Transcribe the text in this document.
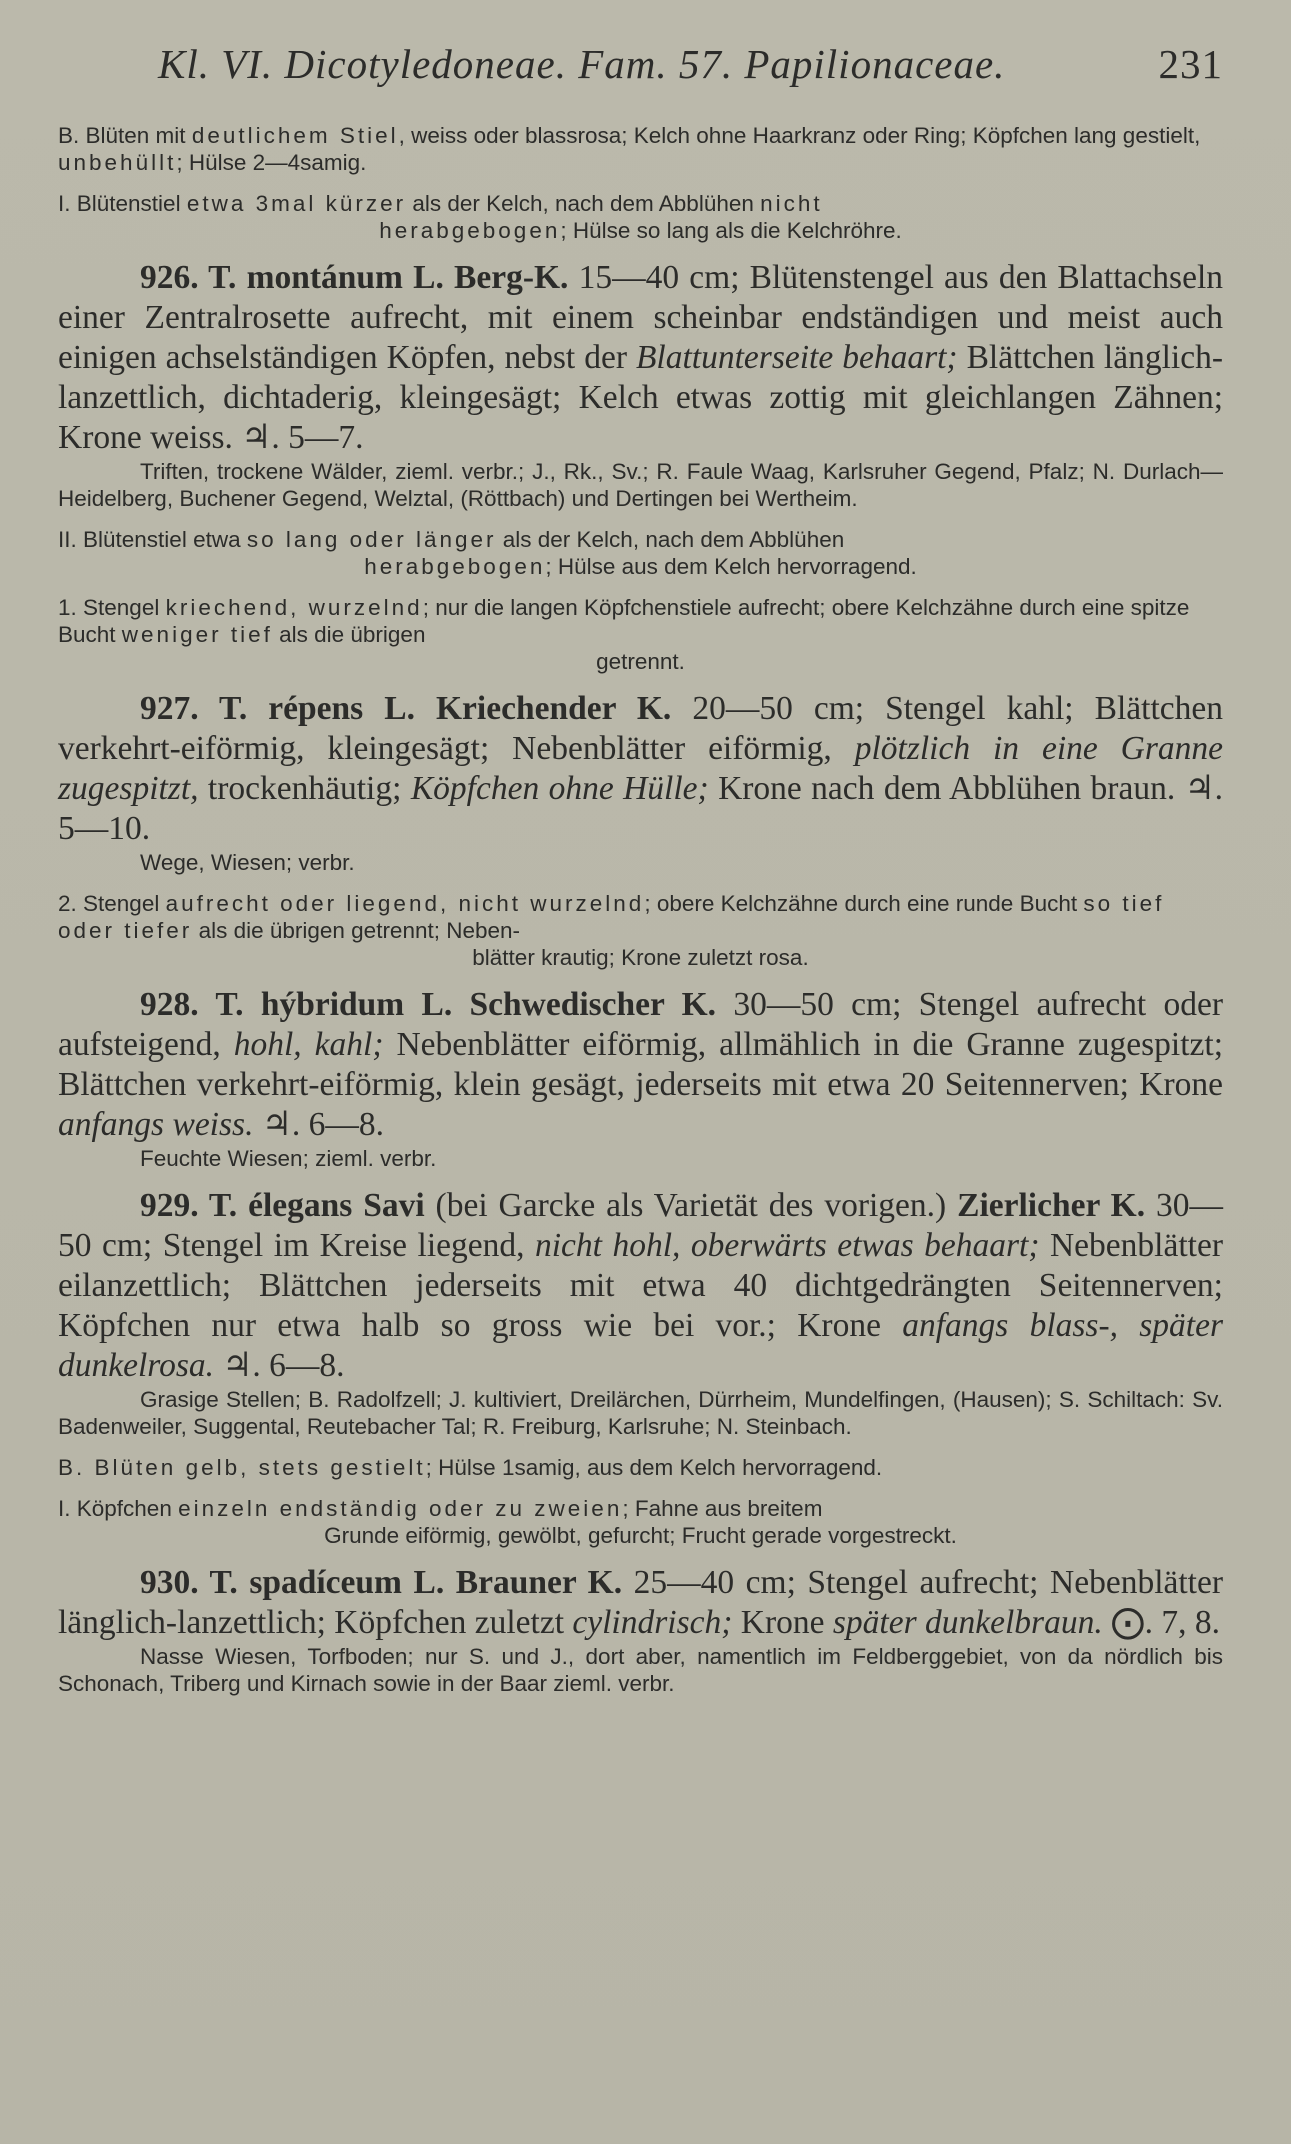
Kl. VI. Dicotyledoneae. Fam. 57. Papilionaceae.	231

B. Blüten mit deutlichem Stiel, weiss oder blassrosa; Kelch ohne Haarkranz oder Ring; Köpfchen lang gestielt, unbehüllt; Hülse 2—4samig.

I. Blütenstiel etwa 3mal kürzer als der Kelch, nach dem Abblühen nicht
herabgebogen; Hülse so lang als die Kelchröhre.

926. T. montánum L. Berg-K. 15—40 cm; Blütenstengel aus den Blattachseln einer Zentralrosette aufrecht, mit einem scheinbar endständigen und meist auch einigen achselständigen Köpfen, nebst der Blattunterseite behaart; Blättchen länglich-lanzettlich, dichtaderig, kleingesägt; Kelch etwas zottig mit gleichlangen Zähnen; Krone weiss. ♃. 5—7.

Triften, trockene Wälder, zieml. verbr.; J., Rk., Sv.; R. Faule Waag, Karlsruher Gegend, Pfalz; N. Durlach—Heidelberg, Buchener Gegend, Welztal, (Röttbach) und Dertingen bei Wertheim.

II. Blütenstiel etwa so lang oder länger als der Kelch, nach dem Abblühen
herabgebogen; Hülse aus dem Kelch hervorragend.

1. Stengel kriechend, wurzelnd; nur die langen Köpfchenstiele aufrecht; obere Kelchzähne durch eine spitze Bucht weniger tief als die übrigen
getrennt.

927. T. répens L. Kriechender K. 20—50 cm; Stengel kahl; Blättchen verkehrt-eiförmig, kleingesägt; Nebenblätter eiförmig, plötzlich in eine Granne zugespitzt, trockenhäutig; Köpfchen ohne Hülle; Krone nach dem Abblühen braun. ♃. 5—10.

Wege, Wiesen; verbr.

2. Stengel aufrecht oder liegend, nicht wurzelnd; obere Kelchzähne durch eine runde Bucht so tief oder tiefer als die übrigen getrennt; Neben-
blätter krautig; Krone zuletzt rosa.

928. T. hýbridum L. Schwedischer K. 30—50 cm; Stengel aufrecht oder aufsteigend, hohl, kahl; Nebenblätter eiförmig, allmählich in die Granne zugespitzt; Blättchen verkehrt-eiförmig, klein gesägt, jederseits mit etwa 20 Seitennerven; Krone anfangs weiss. ♃. 6—8.

Feuchte Wiesen; zieml. verbr.

929. T. élegans Savi (bei Garcke als Varietät des vorigen.) Zierlicher K. 30—50 cm; Stengel im Kreise liegend, nicht hohl, oberwärts etwas behaart; Nebenblätter eilanzettlich; Blättchen jederseits mit etwa 40 dichtgedrängten Seitennerven; Köpfchen nur etwa halb so gross wie bei vor.; Krone anfangs blass-, später dunkelrosa. ♃. 6—8.

Grasige Stellen; B. Radolfzell; J. kultiviert, Dreilärchen, Dürrheim, Mundelfingen, (Hausen); S. Schiltach: Sv. Badenweiler, Suggental, Reutebacher Tal; R. Freiburg, Karlsruhe; N. Steinbach.

B. Blüten gelb, stets gestielt; Hülse 1samig, aus dem Kelch hervorragend.

I. Köpfchen einzeln endständig oder zu zweien; Fahne aus breitem
Grunde eiförmig, gewölbt, gefurcht; Frucht gerade vorgestreckt.

930. T. spadíceum L. Brauner K. 25—40 cm; Stengel aufrecht; Nebenblätter länglich-lanzettlich; Köpfchen zuletzt cylindrisch; Krone später dunkelbraun. ⨀. 7, 8.

Nasse Wiesen, Torfboden; nur S. und J., dort aber, namentlich im Feldberggebiet, von da nördlich bis Schonach, Triberg und Kirnach sowie in der Baar zieml. verbr.
